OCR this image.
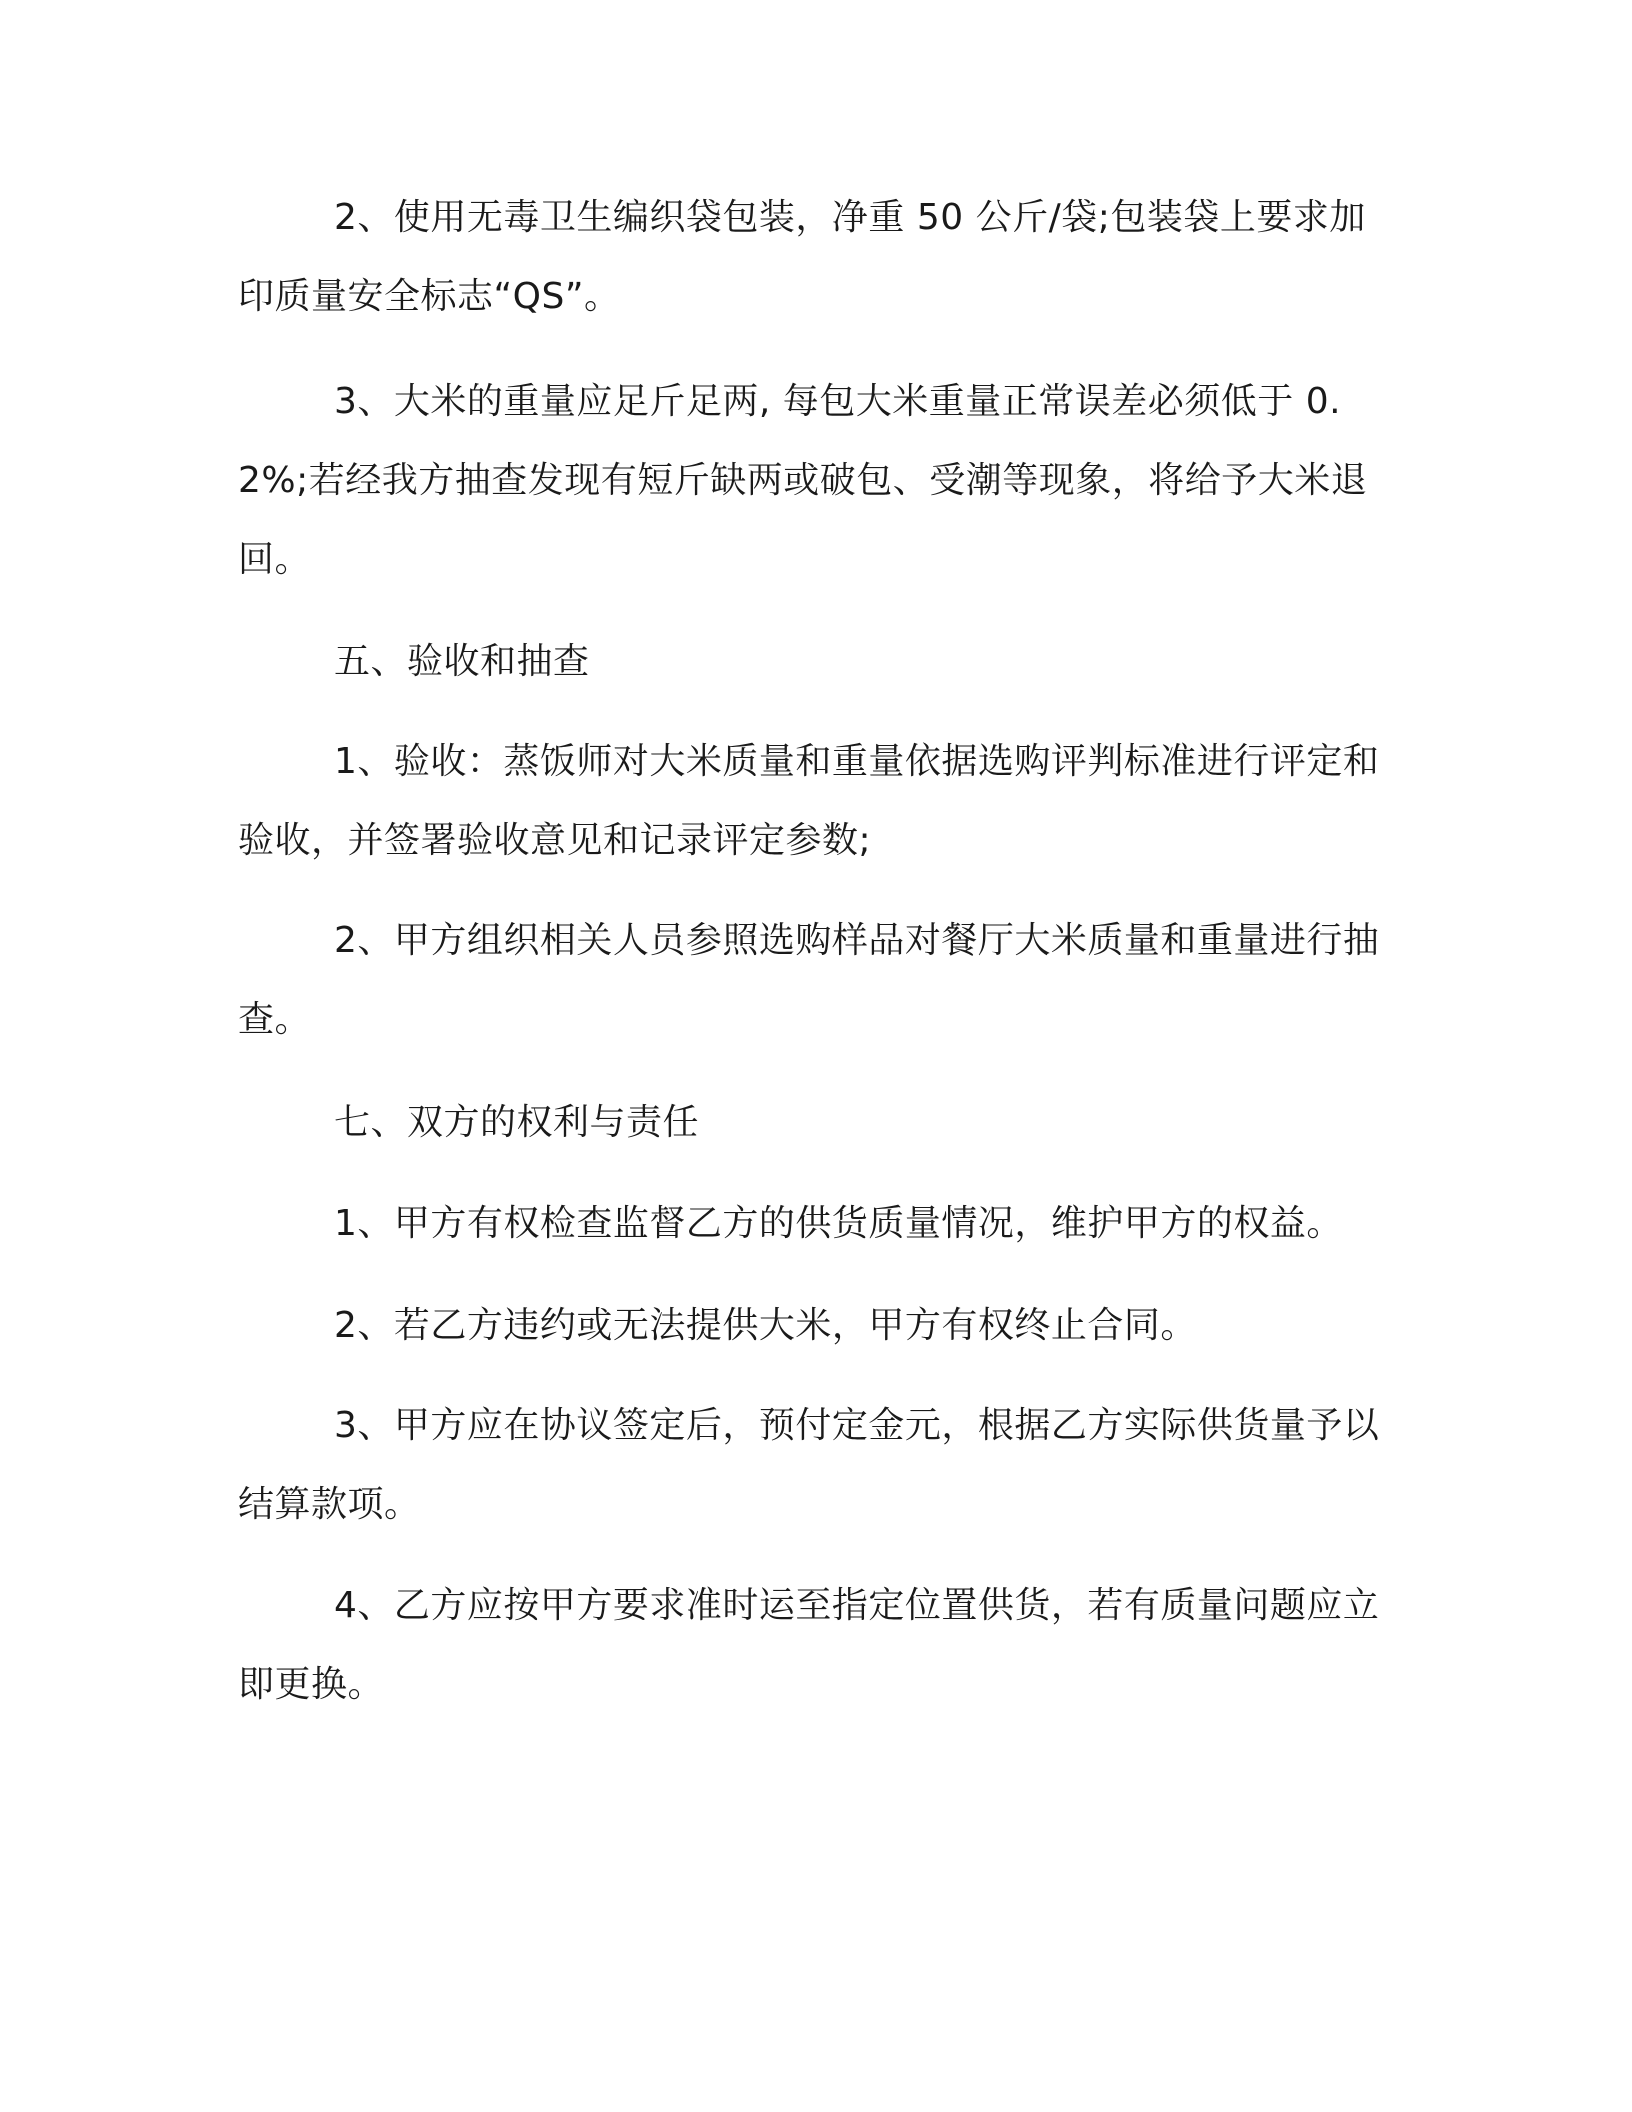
2、使用无毒卫生编织袋包装，净重 50 公斤/袋;包装袋上要求加印质量安全标志“QS”。

3、大米的重量应足斤足两, 每包大米重量正常误差必须低于 0.2%;若经我方抽查发现有短斤缺两或破包、受潮等现象，将给予大米退回。

五、验收和抽查

1、验收：蒸饭师对大米质量和重量依据选购评判标准进行评定和验收，并签署验收意见和记录评定参数;

2、甲方组织相关人员参照选购样品对餐厅大米质量和重量进行抽查。

七、双方的权利与责任

1、甲方有权检查监督乙方的供货质量情况，维护甲方的权益。

2、若乙方违约或无法提供大米，甲方有权终止合同。

3、甲方应在协议签定后，预付定金元，根据乙方实际供货量予以结算款项。

4、乙方应按甲方要求准时运至指定位置供货，若有质量问题应立即更换。
